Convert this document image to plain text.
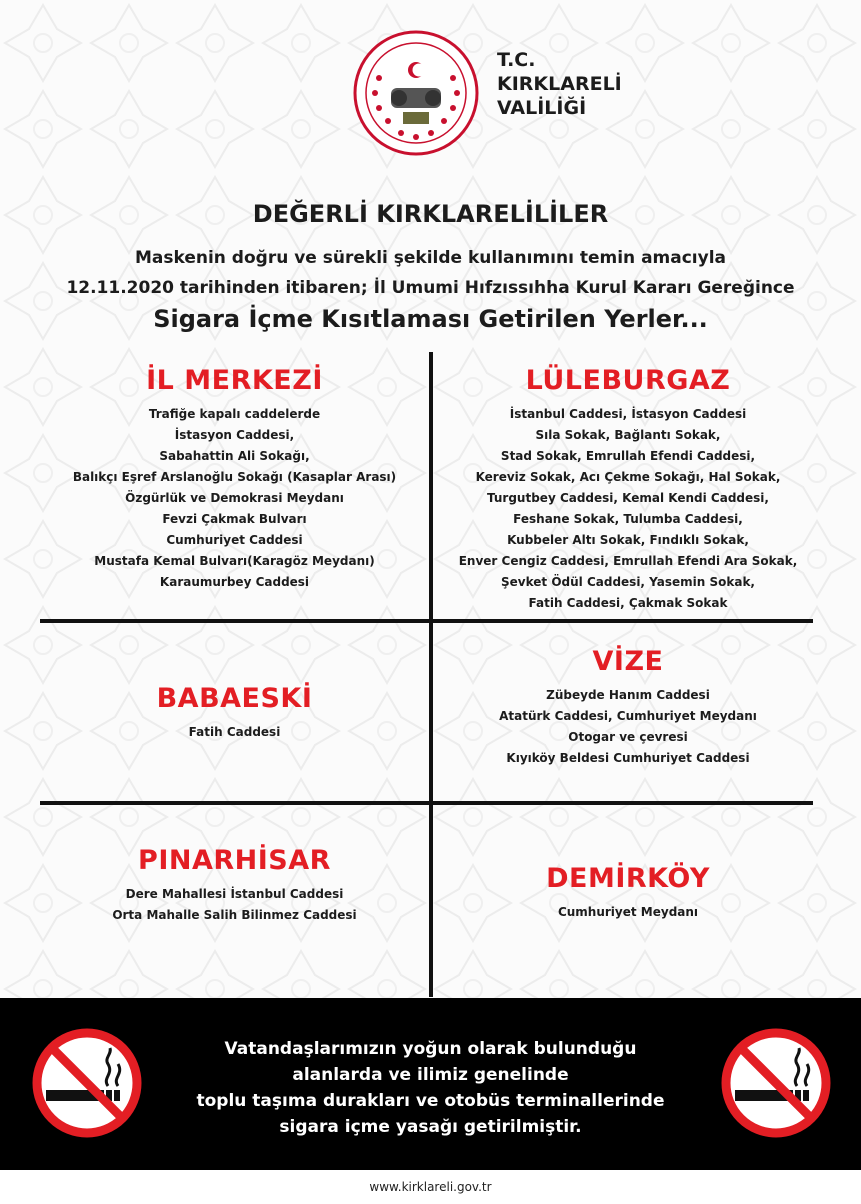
T.C.
KIRKLARELİ
VALİLİĞİ
DEĞERLİ KIRKLARELİLİLER
Maskenin doğru ve sürekli şekilde kullanımını temin amacıyla
12.11.2020 tarihinden itibaren; İl Umumi Hıfzıssıhha Kurul Kararı Gereğince
Sigara İçme Kısıtlaması Getirilen Yerler...
İL MERKEZİ
Trafiğe kapalı caddelerde
İstasyon Caddesi,
Sabahattin Ali Sokağı,
Balıkçı Eşref Arslanoğlu Sokağı (Kasaplar Arası)
Özgürlük ve Demokrasi Meydanı
Fevzi Çakmak Bulvarı
Cumhuriyet Caddesi
Mustafa Kemal Bulvarı(Karagöz Meydanı)
Karaumurbey Caddesi
LÜLEBURGAZ
İstanbul Caddesi, İstasyon Caddesi
Sıla Sokak, Bağlantı Sokak,
Stad Sokak, Emrullah Efendi Caddesi,
Kereviz Sokak, Acı Çekme Sokağı, Hal Sokak,
Turgutbey Caddesi, Kemal Kendi Caddesi,
Feshane Sokak, Tulumba Caddesi,
Kubbeler Altı Sokak, Fındıklı Sokak,
Enver Cengiz Caddesi, Emrullah Efendi Ara Sokak,
Şevket Ödül Caddesi, Yasemin Sokak,
Fatih Caddesi, Çakmak Sokak
BABAESKİ
Fatih Caddesi
VİZE
Zübeyde Hanım Caddesi
Atatürk Caddesi, Cumhuriyet Meydanı
Otogar ve çevresi
Kıyıköy Beldesi Cumhuriyet Caddesi
PINARHİSAR
Dere Mahallesi İstanbul Caddesi
Orta Mahalle Salih Bilinmez Caddesi
DEMİRKÖY
Cumhuriyet Meydanı
Vatandaşlarımızın yoğun olarak bulunduğu
alanlarda ve ilimiz genelinde
toplu taşıma durakları ve otobüs terminallerinde
sigara içme yasağı getirilmiştir.
www.kirklareli.gov.tr
